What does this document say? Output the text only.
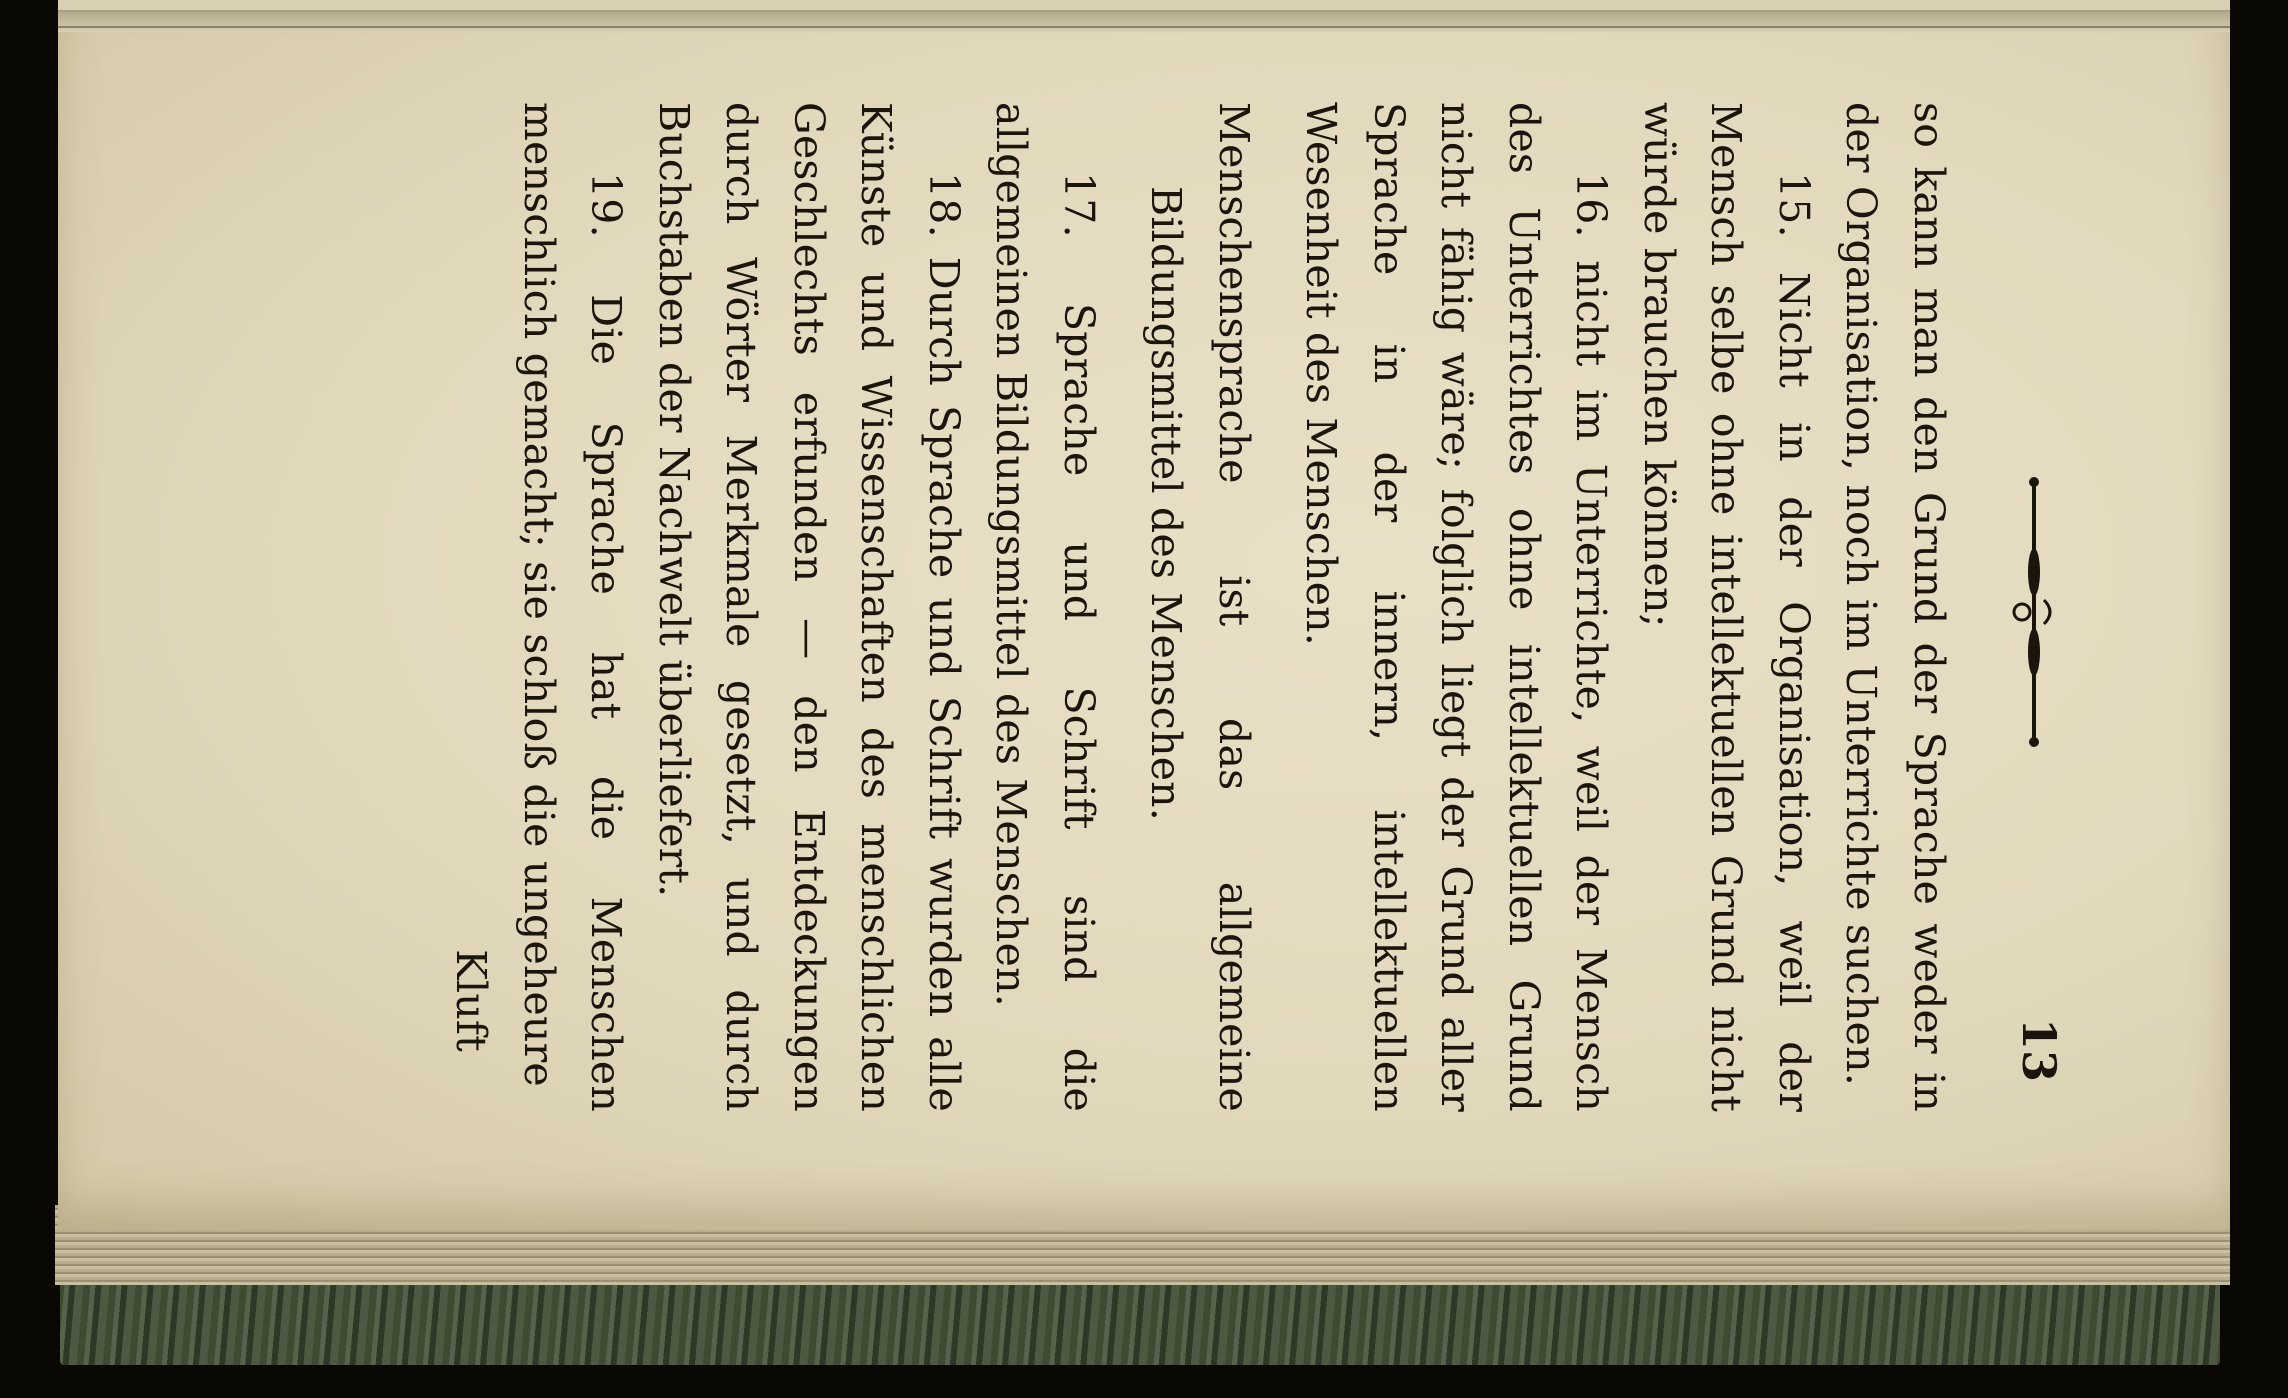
13

so kann man den Grund der Sprache weder in der Organisation, noch im Unterrichte suchen.

15. Nicht in der Organisation, weil der Mensch selbe ohne intellektuellen Grund nicht würde brauchen können;

16. nicht im Unterrichte, weil der Mensch des Unterrichtes ohne intellektuellen Grund nicht fähig wäre; folglich liegt der Grund aller Sprache in der innern, intellektuellen Wesenheit des Menschen.

Menschensprache ist das allgemeine Bildungsmittel des Menschen.

17. Sprache und Schrift sind die allgemeinen Bildungsmittel des Menschen.

18. Durch Sprache und Schrift wurden alle Künste und Wissenschaften des menschlichen Geschlechts erfunden — den Entdeckungen durch Wörter Merkmale gesetzt, und durch Buchstaben der Nachwelt überliefert.

19. Die Sprache hat die Menschen menschlich gemacht; sie schloß die ungeheure

Kluft
